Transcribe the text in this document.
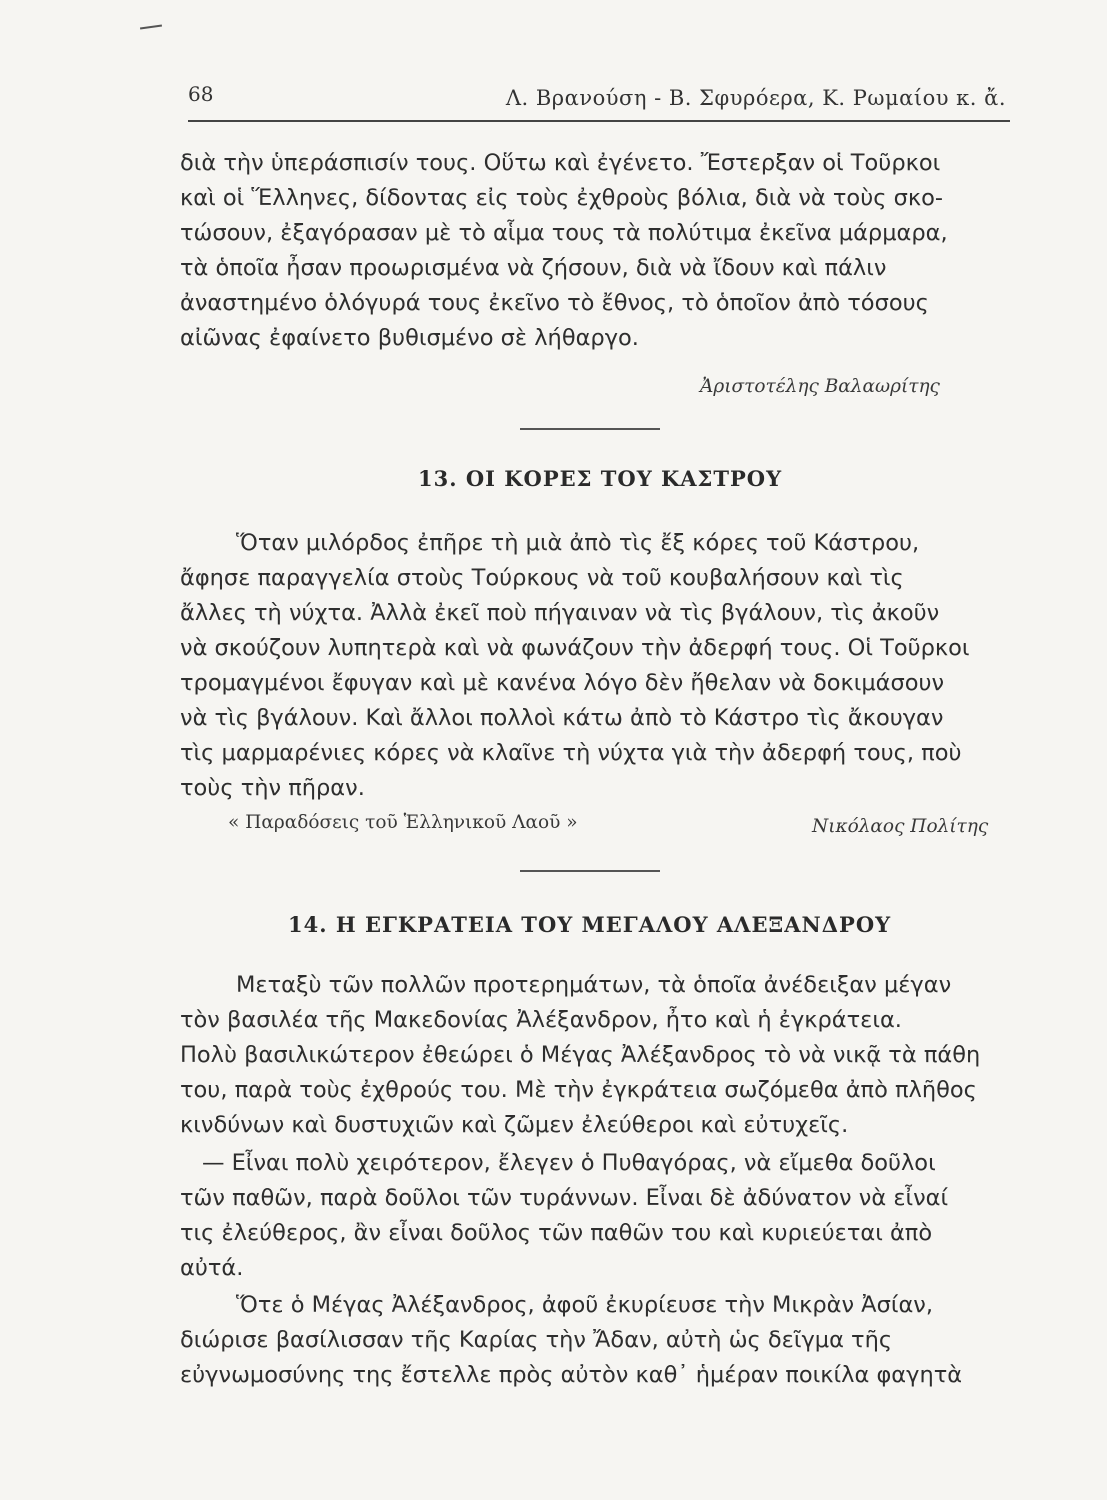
68	Λ. Βρανούση - Β. Σφυρόερα, Κ. Ρωμαίου κ. ἄ.
διὰ τὴν ὑπεράσπισίν τους. Οὕτω καὶ ἐγένετο. Ἔστερξαν οἱ Τοῦρκοι
καὶ οἱ Ἕλληνες, δίδοντας εἰς τοὺς ἐχθροὺς βόλια, διὰ νὰ τοὺς σκο-
τώσουν, ἐξαγόρασαν μὲ τὸ αἷμα τους τὰ πολύτιμα ἐκεῖνα μάρμαρα,
τὰ ὁποῖα ἦσαν προωρισμένα νὰ ζήσουν, διὰ νὰ ἴδουν καὶ πάλιν
ἀναστημένο ὁλόγυρά τους ἐκεῖνο τὸ ἔθνος, τὸ ὁποῖον ἀπὸ τόσους
αἰῶνας ἐφαίνετο βυθισμένο σὲ λήθαργο.
Ἀριστοτέλης Βαλαωρίτης
13. ΟΙ ΚΟΡΕΣ ΤΟΥ ΚΑΣΤΡΟΥ
Ὅταν μιλόρδος ἐπῆρε τὴ μιὰ ἀπὸ τὶς ἔξ κόρες τοῦ Κάστρου,
ἄφησε παραγγελία στοὺς Τούρκους νὰ τοῦ κουβαλήσουν καὶ τὶς
ἄλλες τὴ νύχτα. Ἀλλὰ ἐκεῖ ποὺ πήγαιναν νὰ τὶς βγάλουν, τὶς ἀκοῦν
νὰ σκούζουν λυπητερὰ καὶ νὰ φωνάζουν τὴν ἀδερφή τους. Οἱ Τοῦρκοι
τρομαγμένοι ἔφυγαν καὶ μὲ κανένα λόγο δὲν ἤθελαν νὰ δοκιμάσουν
νὰ τὶς βγάλουν. Καὶ ἄλλοι πολλοὶ κάτω ἀπὸ τὸ Κάστρο τὶς ἄκουγαν
τὶς μαρμαρένιες κόρες νὰ κλαῖνε τὴ νύχτα γιὰ τὴν ἀδερφή τους, ποὺ
τοὺς τὴν πῆραν.
« Παραδόσεις τοῦ Ἑλληνικοῦ Λαοῦ »	Νικόλαος Πολίτης
14. Η ΕΓΚΡΑΤΕΙΑ ΤΟΥ ΜΕΓΑΛΟΥ ΑΛΕΞΑΝΔΡΟΥ
Μεταξὺ τῶν πολλῶν προτερημάτων, τὰ ὁποῖα ἀνέδειξαν μέγαν
τὸν βασιλέα τῆς Μακεδονίας Ἀλέξανδρον, ἦτο καὶ ἡ ἐγκράτεια.
Πολὺ βασιλικώτερον ἐθεώρει ὁ Μέγας Ἀλέξανδρος τὸ νὰ νικᾷ τὰ πάθη
του, παρὰ τοὺς ἐχθρούς του. Μὲ τὴν ἐγκράτεια σωζόμεθα ἀπὸ πλῆθος
κινδύνων καὶ δυστυχιῶν καὶ ζῶμεν ἐλεύθεροι καὶ εὐτυχεῖς.
— Εἶναι πολὺ χειρότερον, ἔλεγεν ὁ Πυθαγόρας, νὰ εἴμεθα δοῦλοι
τῶν παθῶν, παρὰ δοῦλοι τῶν τυράννων. Εἶναι δὲ ἀδύνατον νὰ εἶναί
τις ἐλεύθερος, ἂν εἶναι δοῦλος τῶν παθῶν του καὶ κυριεύεται ἀπὸ
αὐτά.
Ὅτε ὁ Μέγας Ἀλέξανδρος, ἀφοῦ ἐκυρίευσε τὴν Μικρὰν Ἀσίαν,
διώρισε βασίλισσαν τῆς Καρίας τὴν Ἄδαν, αὐτὴ ὡς δεῖγμα τῆς
εὐγνωμοσύνης της ἔστελλε πρὸς αὐτὸν καθ᾽ ἡμέραν ποικίλα φαγητὰ
